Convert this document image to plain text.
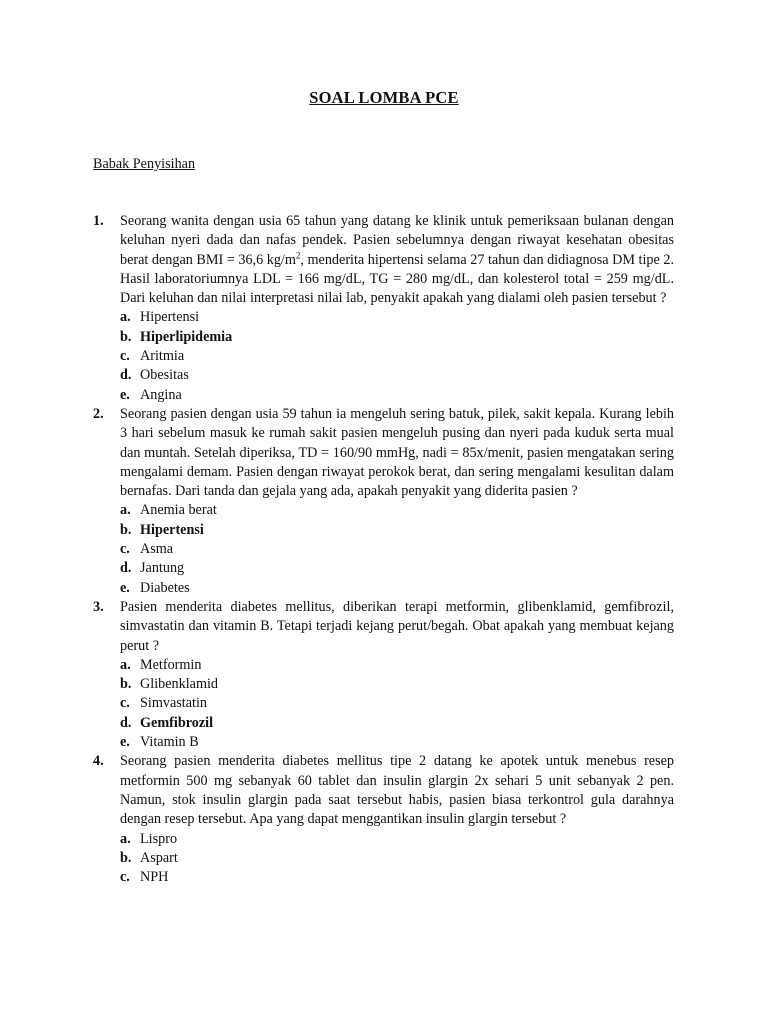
SOAL LOMBA PCE
Babak Penyisihan
1. Seorang wanita dengan usia 65 tahun yang datang ke klinik untuk pemeriksaan bulanan dengan keluhan nyeri dada dan nafas pendek. Pasien sebelumnya dengan riwayat kesehatan obesitas berat dengan BMI = 36,6 $kg/m^2$, menderita hipertensi selama 27 tahun dan didiagnosa DM tipe 2. Hasil laboratoriumnya LDL = 166 mg/dL, TG = 280 mg/dL, dan kolesterol total = 259 mg/dL. Dari keluhan dan nilai interpretasi nilai lab, penyakit apakah yang dialami oleh pasien tersebut ?
a. Hipertensi
b. Hiperlipidemia
c. Aritmia
d. Obesitas
e. Angina
2. Seorang pasien dengan usia 59 tahun ia mengeluh sering batuk, pilek, sakit kepala. Kurang lebih 3 hari sebelum masuk ke rumah sakit pasien mengeluh pusing dan nyeri pada kuduk serta mual dan muntah. Setelah diperiksa, TD = 160/90 mmHg, nadi = 85x/menit, pasien mengatakan sering mengalami demam. Pasien dengan riwayat perokok berat, dan sering mengalami kesulitan dalam bernafas. Dari tanda dan gejala yang ada, apakah penyakit yang diderita pasien ?
a. Anemia berat
b. Hipertensi
c. Asma
d. Jantung
e. Diabetes
3. Pasien menderita diabetes mellitus, diberikan terapi metformin, glibenklamid, gemfibrozil, simvastatin dan vitamin B. Tetapi terjadi kejang perut/begah. Obat apakah yang membuat kejang perut ?
a. Metformin
b. Glibenklamid
c. Simvastatin
d. Gemfibrozil
e. Vitamin B
4. Seorang pasien menderita diabetes mellitus tipe 2 datang ke apotek untuk menebus resep metformin 500 mg sebanyak 60 tablet dan insulin glargin 2x sehari 5 unit sebanyak 2 pen. Namun, stok insulin glargin pada saat tersebut habis, pasien biasa terkontrol gula darahnya dengan resep tersebut. Apa yang dapat menggantikan insulin glargin tersebut ?
a. Lispro
b. Aspart
c. NPH
